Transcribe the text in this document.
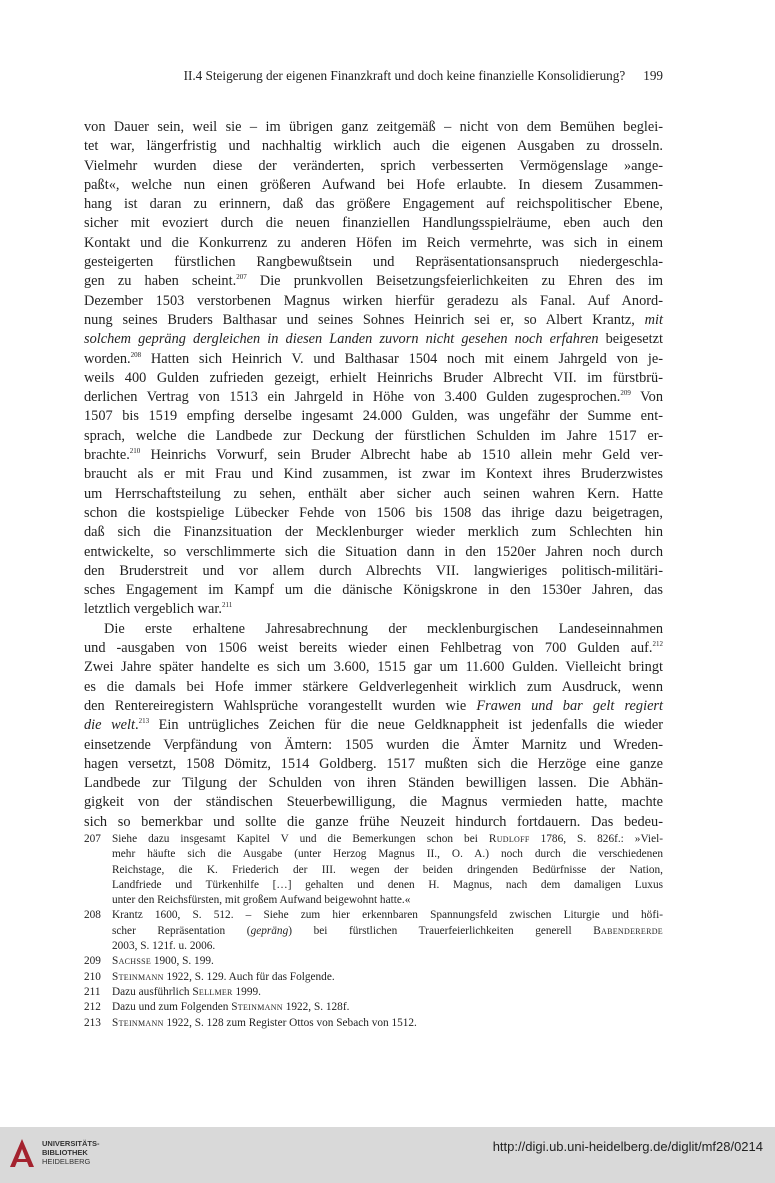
II.4 Steigerung der eigenen Finanzkraft und doch keine finanzielle Konsolidierung? 199

von Dauer sein, weil sie – im übrigen ganz zeitgemäß – nicht von dem Bemühen beglei-
tet war, längerfristig und nachhaltig wirklich auch die eigenen Ausgaben zu drosseln.
Vielmehr wurden diese der veränderten, sprich verbesserten Vermögenslage »ange-
paßt«, welche nun einen größeren Aufwand bei Hofe erlaubte. In diesem Zusammen-
hang ist daran zu erinnern, daß das größere Engagement auf reichspolitischer Ebene,
sicher mit evoziert durch die neuen finanziellen Handlungsspielräume, eben auch den
Kontakt und die Konkurrenz zu anderen Höfen im Reich vermehrte, was sich in einem
gesteigerten fürstlichen Rangbewußtsein und Repräsentationsanspruch niedergeschla-
gen zu haben scheint.$^{207}$ Die prunkvollen Beisetzungsfeierlichkeiten zu Ehren des im
Dezember 1503 verstorbenen Magnus wirken hierfür geradezu als Fanal. Auf Anord-
nung seines Bruders Balthasar und seines Sohnes Heinrich sei er, so Albert Krantz, mit
solchem gepräng dergleichen in diesen Landen zuvorn nicht gesehen noch erfahren beigesetzt
worden.$^{208}$ Hatten sich Heinrich V. und Balthasar 1504 noch mit einem Jahrgeld von je-
weils 400 Gulden zufrieden gezeigt, erhielt Heinrichs Bruder Albrecht VII. im fürstbrü-
derlichen Vertrag von 1513 ein Jahrgeld in Höhe von 3.400 Gulden zugesprochen.$^{209}$ Von
1507 bis 1519 empfing derselbe ingesamt 24.000 Gulden, was ungefähr der Summe ent-
sprach, welche die Landbede zur Deckung der fürstlichen Schulden im Jahre 1517 er-
brachte.$^{210}$ Heinrichs Vorwurf, sein Bruder Albrecht habe ab 1510 allein mehr Geld ver-
braucht als er mit Frau und Kind zusammen, ist zwar im Kontext ihres Bruderzwistes
um Herrschaftsteilung zu sehen, enthält aber sicher auch seinen wahren Kern. Hatte
schon die kostspielige Lübecker Fehde von 1506 bis 1508 das ihrige dazu beigetragen,
daß sich die Finanzsituation der Mecklenburger wieder merklich zum Schlechten hin
entwickelte, so verschlimmerte sich die Situation dann in den 1520er Jahren noch durch
den Bruderstreit und vor allem durch Albrechts VII. langwieriges politisch-militäri-
sches Engagement im Kampf um die dänische Königskrone in den 1530er Jahren, das
letztlich vergeblich war.$^{211}$

Die erste erhaltene Jahresabrechnung der mecklenburgischen Landeseinnahmen
und -ausgaben von 1506 weist bereits wieder einen Fehlbetrag von 700 Gulden auf.$^{212}$
Zwei Jahre später handelte es sich um 3.600, 1515 gar um 11.600 Gulden. Vielleicht bringt
es die damals bei Hofe immer stärkere Geldverlegenheit wirklich zum Ausdruck, wenn
den Rentereiregistern Wahlsprüche vorangestellt wurden wie Frawen und bar gelt regiert
die welt.$^{213}$ Ein untrügliches Zeichen für die neue Geldknappheit ist jedenfalls die wieder
einsetzende Verpfändung von Ämtern: 1505 wurden die Ämter Marnitz und Wreden-
hagen versetzt, 1508 Dömitz, 1514 Goldberg. 1517 mußten sich die Herzöge eine ganze
Landbede zur Tilgung der Schulden von ihren Ständen bewilligen lassen. Die Abhän-
gigkeit von der ständischen Steuerbewilligung, die Magnus vermieden hatte, machte
sich so bemerkbar und sollte die ganze frühe Neuzeit hindurch fortdauern. Das bedeu-

207 Siehe dazu insgesamt Kapitel V und die Bemerkungen schon bei Rudloff 1786, S. 826f.: »Viel-
mehr häufte sich die Ausgabe (unter Herzog Magnus II., O. A.) noch durch die verschiedenen
Reichstage, die K. Friederich der III. wegen der beiden dringenden Bedürfnisse der Nation,
Landfriede und Türkenhilfe […] gehalten und denen H. Magnus, nach dem damaligen Luxus
unter den Reichsfürsten, mit großem Aufwand beigewohnt hatte.«
208 Krantz 1600, S. 512. – Siehe zum hier erkennbaren Spannungsfeld zwischen Liturgie und höfi-
scher Repräsentation (gepräng) bei fürstlichen Trauerfeierlichkeiten generell Babendererde
2003, S. 121f. u. 2006.
209 Sachsse 1900, S. 199.
210 Steinmann 1922, S. 129. Auch für das Folgende.
211	Dazu ausführlich Sellmer 1999.
212 Dazu und zum Folgenden Steinmann 1922, S. 128f.
213 Steinmann 1922, S. 128 zum Register Ottos von Sebach von 1512.
UNIVERSITÄTS-
BIBLIOTHEK
HEIDELBERG
http://digi.ub.uni-heidelberg.de/diglit/mf28/0214
